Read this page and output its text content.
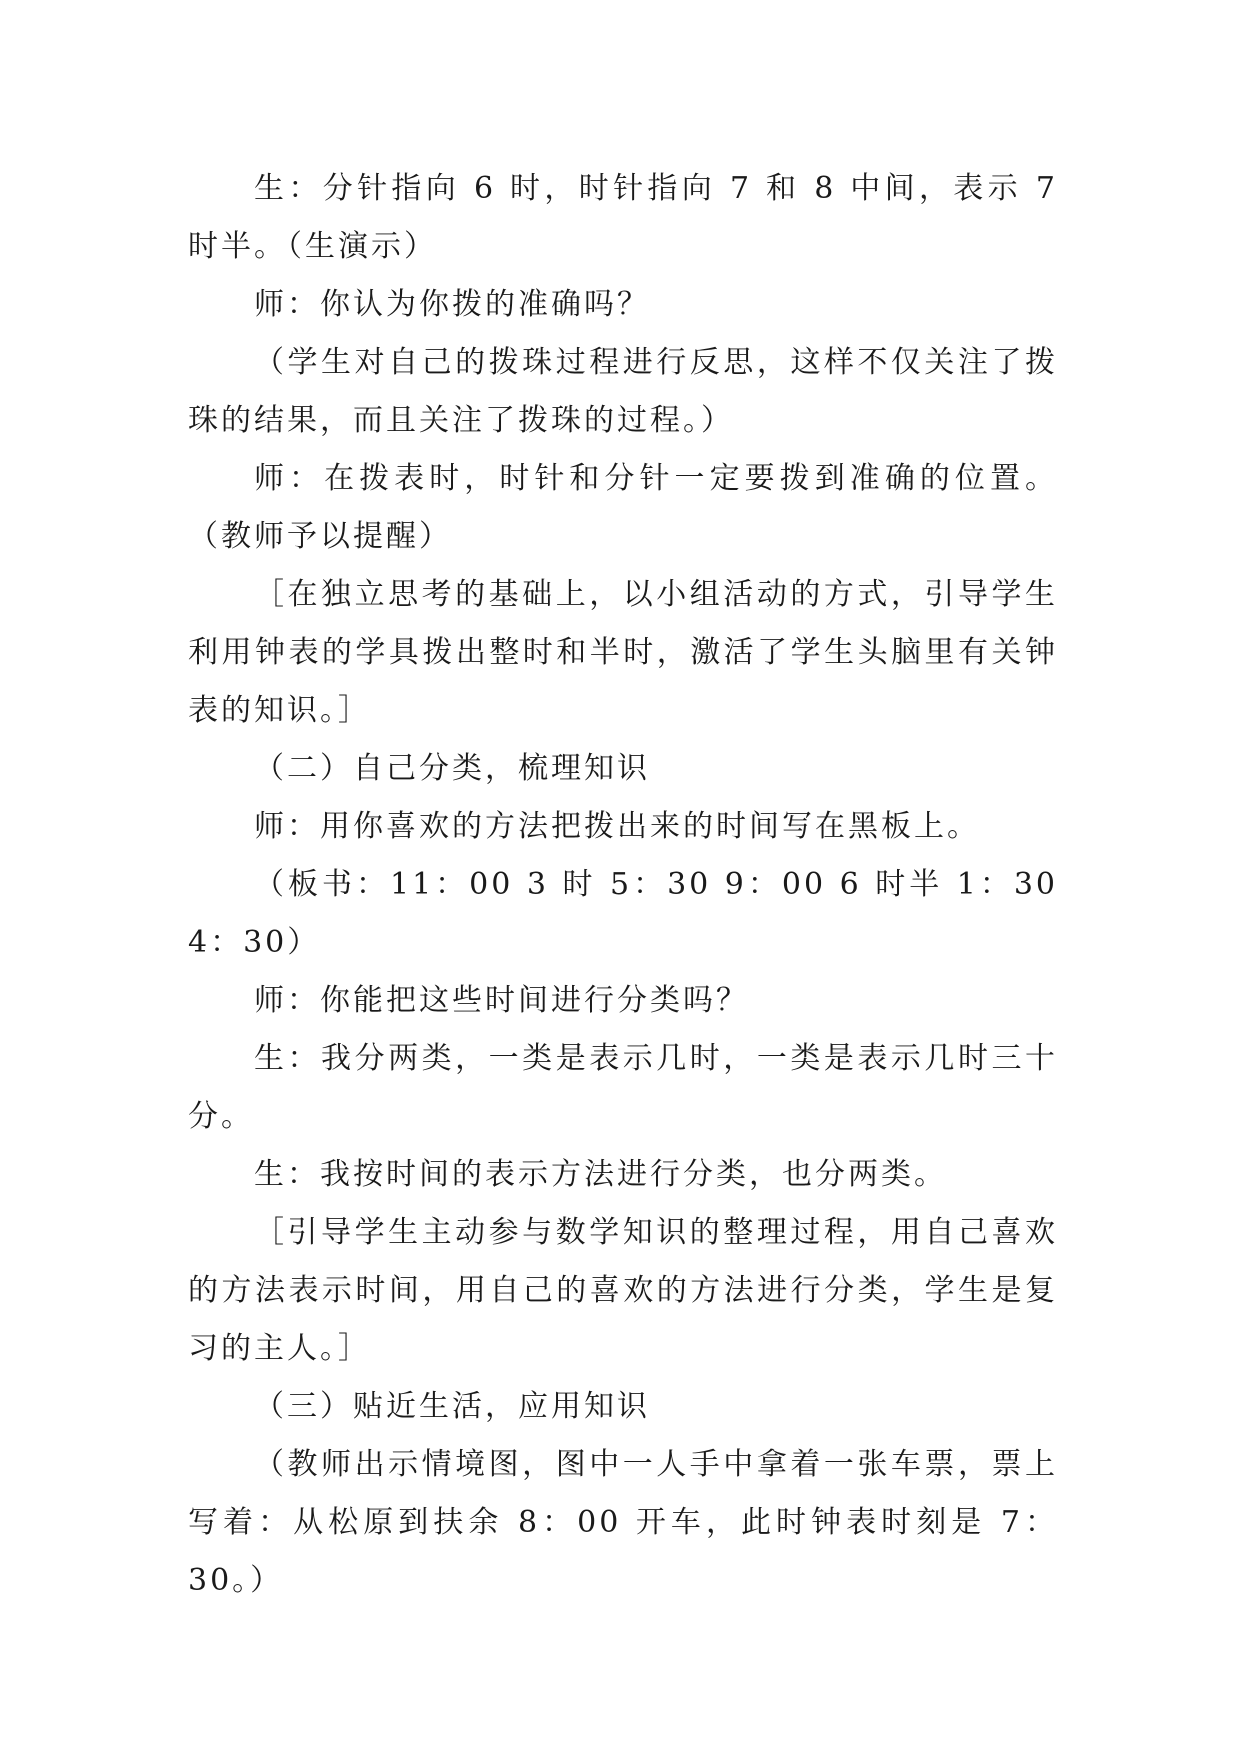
生：分针指向 6 时，时针指向 7 和 8 中间，表示 7 时半。（生演示）

师：你认为你拨的准确吗？

（学生对自己的拨珠过程进行反思，这样不仅关注了拨珠的结果，而且关注了拨珠的过程。）

师：在拨表时，时针和分针一定要拨到准确的位置。（教师予以提醒）

［在独立思考的基础上，以小组活动的方式，引导学生利用钟表的学具拨出整时和半时，激活了学生头脑里有关钟表的知识。］

（二）自己分类，梳理知识

师：用你喜欢的方法把拨出来的时间写在黑板上。

（板书：11：00 3 时 5：30 9：00 6 时半 1：30 4：30）

师：你能把这些时间进行分类吗？

生：我分两类，一类是表示几时，一类是表示几时三十分。

生：我按时间的表示方法进行分类，也分两类。

［引导学生主动参与数学知识的整理过程，用自己喜欢的方法表示时间，用自己的喜欢的方法进行分类，学生是复习的主人。］

（三）贴近生活，应用知识

（教师出示情境图，图中一人手中拿着一张车票，票上写着：从松原到扶余 8：00 开车，此时钟表时刻是 7：30。）
